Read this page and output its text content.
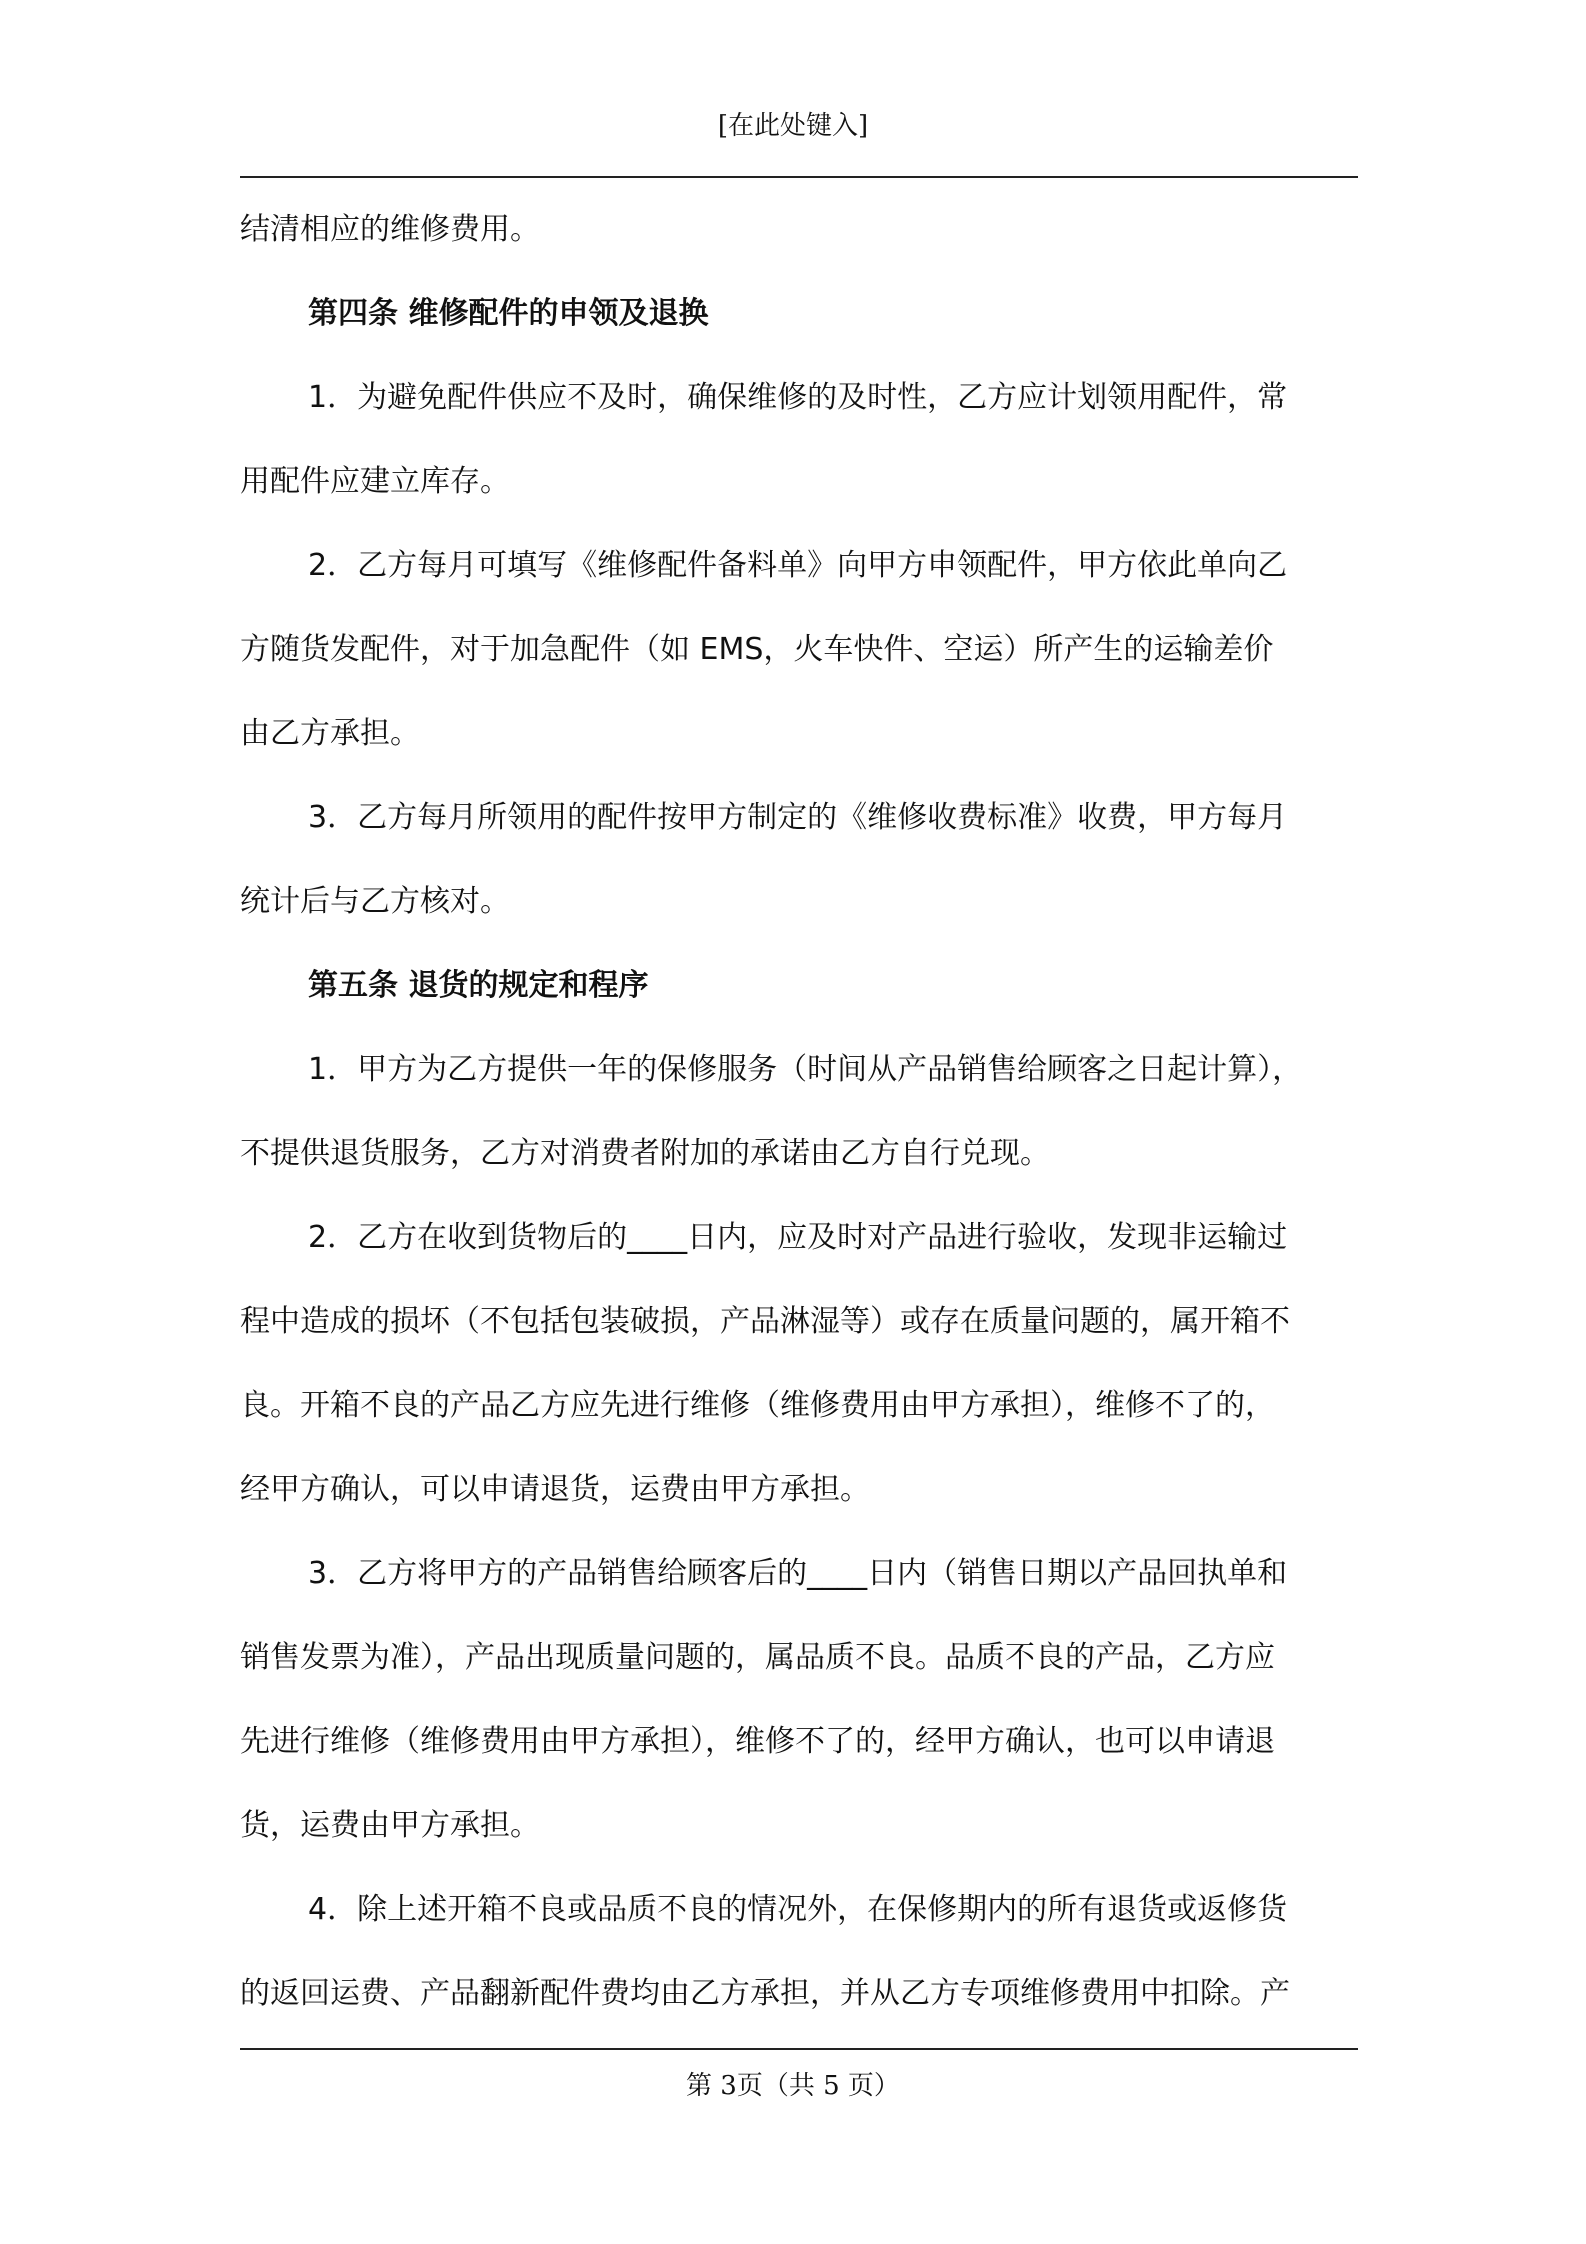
[在此处键入]
结清相应的维修费用。
第四条 维修配件的申领及退换
1．为避免配件供应不及时，确保维修的及时性，乙方应计划领用配件，常
用配件应建立库存。
2．乙方每月可填写《维修配件备料单》向甲方申领配件，甲方依此单向乙
方随货发配件，对于加急配件（如 EMS，火车快件、空运）所产生的运输差价
由乙方承担。
3．乙方每月所领用的配件按甲方制定的《维修收费标准》收费，甲方每月
统计后与乙方核对。
第五条 退货的规定和程序
1．甲方为乙方提供一年的保修服务（时间从产品销售给顾客之日起计算），
不提供退货服务，乙方对消费者附加的承诺由乙方自行兑现。
2．乙方在收到货物后的____日内，应及时对产品进行验收，发现非运输过
程中造成的损坏（不包括包装破损，产品淋湿等）或存在质量问题的，属开箱不
良。开箱不良的产品乙方应先进行维修（维修费用由甲方承担），维修不了的，
经甲方确认，可以申请退货，运费由甲方承担。
3．乙方将甲方的产品销售给顾客后的____日内（销售日期以产品回执单和
销售发票为准），产品出现质量问题的，属品质不良。品质不良的产品，乙方应
先进行维修（维修费用由甲方承担），维修不了的，经甲方确认，也可以申请退
货，运费由甲方承担。
4．除上述开箱不良或品质不良的情况外，在保修期内的所有退货或返修货
的返回运费、产品翻新配件费均由乙方承担，并从乙方专项维修费用中扣除。产
第 3页（共 5 页）
